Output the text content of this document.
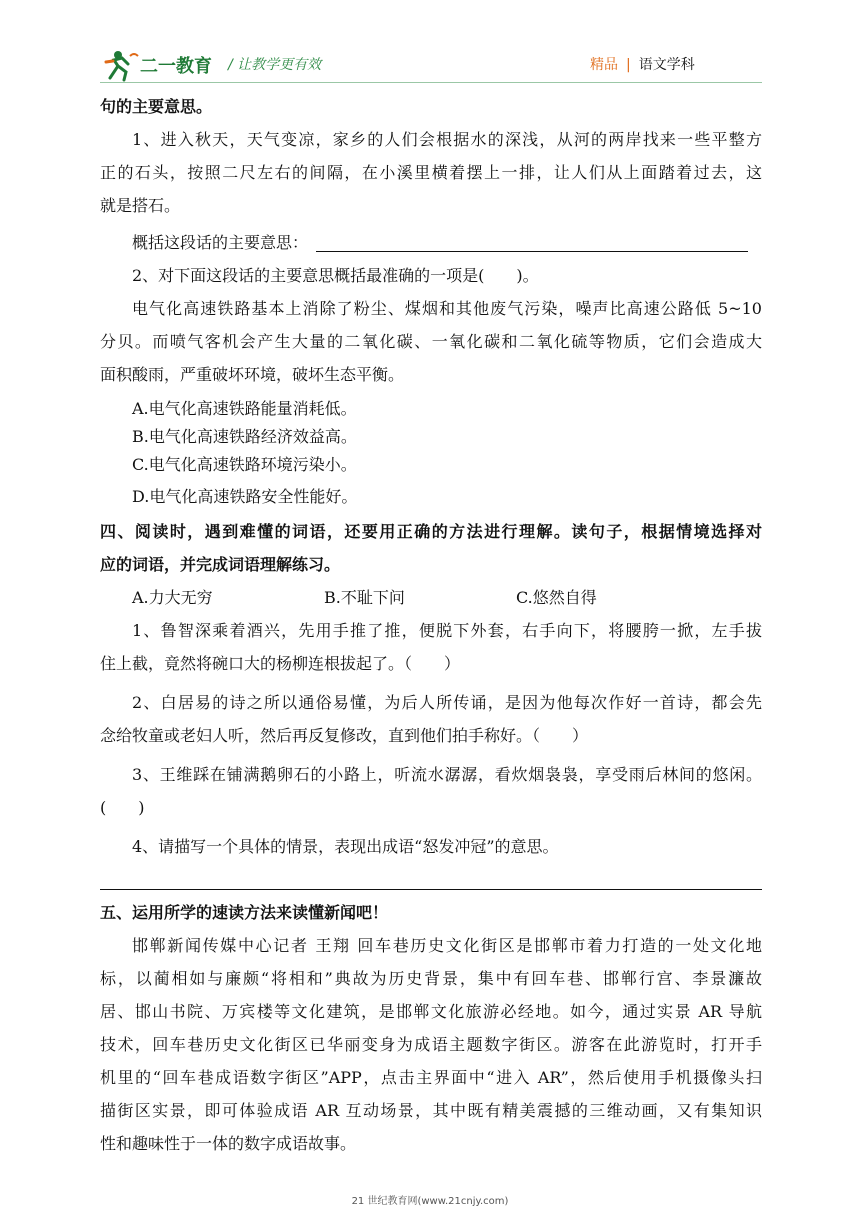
二一教育 / 让教学更有效	精品 | 语文学科
句的主要意思。
1、进入秋天，天气变凉，家乡的人们会根据水的深浅，从河的两岸找来一些平整方
正的石头，按照二尺左右的间隔，在小溪里横着摆上一排，让人们从上面踏着过去，这
就是搭石。
概括这段话的主要意思：
2、对下面这段话的主要意思概括最准确的一项是(　　)。
电气化高速铁路基本上消除了粉尘、煤烟和其他废气污染，噪声比高速公路低 5~10
分贝。而喷气客机会产生大量的二氧化碳、一氧化碳和二氧化硫等物质，它们会造成大
面积酸雨，严重破坏环境，破坏生态平衡。
A.电气化高速铁路能量消耗低。
B.电气化高速铁路经济效益高。
C.电气化高速铁路环境污染小。
D.电气化高速铁路安全性能好。
四、阅读时，遇到难懂的词语，还要用正确的方法进行理解。读句子，根据情境选择对
应的词语，并完成词语理解练习。
A.力大无穷	B.不耻下问	C.悠然自得
1、鲁智深乘着酒兴，先用手推了推，便脱下外套，右手向下，将腰胯一掀，左手拔
住上截，竟然将碗口大的杨柳连根拔起了。（　　）
2、白居易的诗之所以通俗易懂，为后人所传诵，是因为他每次作好一首诗，都会先
念给牧童或老妇人听，然后再反复修改，直到他们拍手称好。（　　）
3、王维踩在铺满鹅卵石的小路上，听流水潺潺，看炊烟袅袅，享受雨后林间的悠闲。
(　　)
4、请描写一个具体的情景，表现出成语“怒发冲冠”的意思。
五、运用所学的速读方法来读懂新闻吧！
邯郸新闻传媒中心记者 王翔 回车巷历史文化街区是邯郸市着力打造的一处文化地
标，以蔺相如与廉颇“将相和”典故为历史背景，集中有回车巷、邯郸行宫、李景濂故
居、邯山书院、万宾楼等文化建筑，是邯郸文化旅游必经地。如今，通过实景 AR 导航
技术，回车巷历史文化街区已华丽变身为成语主题数字街区。游客在此游览时，打开手
机里的“回车巷成语数字街区”APP，点击主界面中“进入 AR”，然后使用手机摄像头扫
描街区实景，即可体验成语 AR 互动场景，其中既有精美震撼的三维动画，又有集知识
性和趣味性于一体的数字成语故事。
21 世纪教育网(www.21cnjy.com)
